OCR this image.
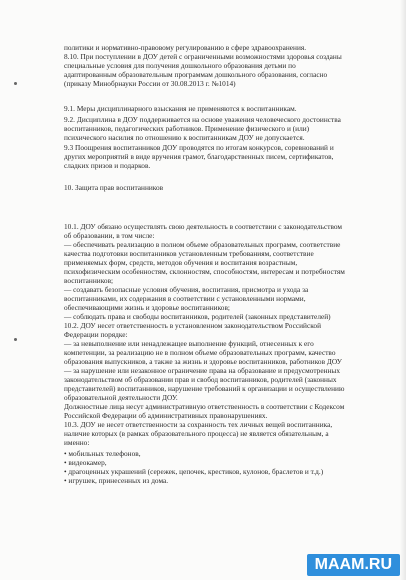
политики и нормативно-правовому регулированию в сфере здравоохранения.
8.10. При поступлении в ДОУ детей с ограниченными возможностями здоровья созданы
специальные условия для получения дошкольного образования детьми по
адаптированным образовательным программам дошкольного образования, согласно
(приказу Минобрнауки России от 30.08.2013 г. №1014)
9.1. Меры дисциплинарного взыскания не применяются к воспитанникам.
9.2. Дисциплина в ДОУ поддерживается на основе уважения человеческого достоинства
воспитанников, педагогических работников. Применение физического и (или)
психического насилия по отношению к воспитанникам ДОУ не допускается.
9.3 Поощрения воспитанников ДОУ проводятся по итогам конкурсов, соревнований и
других мероприятий в виде вручения грамот, благодарственных писем, сертификатов,
сладких призов и подарков.
10. Защита прав воспитанников
10.1. ДОУ обязано осуществлять свою деятельность в соответствии с законодательством
об образовании, в том числе:
— обеспечивать реализацию в полном объеме образовательных программ, соответствие
качества подготовки воспитанников установленным требованиям, соответствие
применяемых форм, средств, методов обучения и воспитания возрастным,
психофизическим особенностям, склонностям, способностям, интересам и потребностям
воспитанников;
— создавать безопасные условия обучения, воспитания, присмотра и ухода за
воспитанниками, их содержания в соответствии с установленными нормами,
обеспечивающими жизнь и здоровье воспитанников;
— соблюдать права и свободы воспитанников, родителей (законных представителей)
10.2. ДОУ несет ответственность в установленном законодательством Российской
Федерации порядке:
— за невыполнение или ненадлежащее выполнение функций, отнесенных к его
компетенции, за реализацию не в полном объеме образовательных программ, качество
образования выпускников, а также за жизнь и здоровье воспитанников, работников ДОУ
— за нарушение или незаконное ограничение права на образование и предусмотренных
законодательством об образовании прав и свобод воспитанников, родителей (законных
представителей) воспитанников, нарушение требований к организации и осуществлению
образовательной деятельности ДОУ.
Должностные лица несут административную ответственность в соответствии с Кодексом
Российской Федерации об административных правонарушениях.
10.3. ДОУ не несет ответственности за сохранность тех личных вещей воспитанника,
наличие которых (в рамках образовательного процесса) не является обязательным, а
именно:
• мобильных телефонов,
• видеокамер,
• драгоценных украшений (сережек, цепочек, крестиков, кулонов, браслетов и т.д.)
• игрушек, принесенных из дома.
MAAM.RU
